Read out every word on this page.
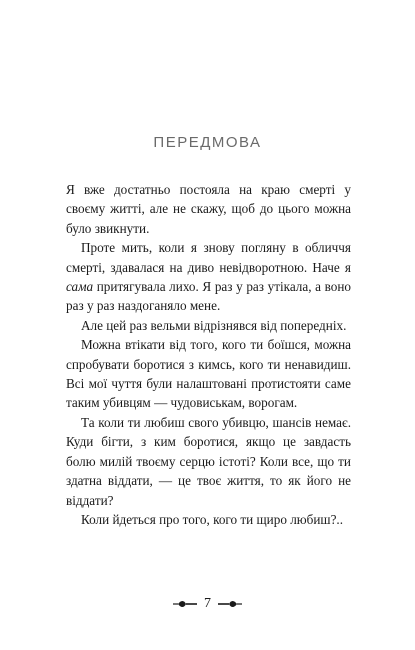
ПЕРЕДМОВА

Я вже достатньо постояла на краю смерті у своєму житті, але не скажу, щоб до цього можна було звикнути.

Проте мить, коли я знову погляну в обличчя смерті, здавалася на диво невідворотною. Наче я сама притягувала лихо. Я раз у раз утікала, а воно раз у раз наздоганяло мене.

Але цей раз вельми відрізнявся від попередніх.

Можна втікати від того, кого ти боїшся, можна спробувати боротися з кимсь, кого ти ненавидиш. Всі мої чуття були налаштовані протистояти саме таким убивцям — чудовиськам, ворогам.

Та коли ти любиш свого убивцю, шансів немає. Куди бігти, з ким боротися, якщо це завдасть болю милій твоєму серцю істоті? Коли все, що ти здатна віддати, — це твоє життя, то як його не віддати?

Коли йдеться про того, кого ти щиро любиш?..

7
